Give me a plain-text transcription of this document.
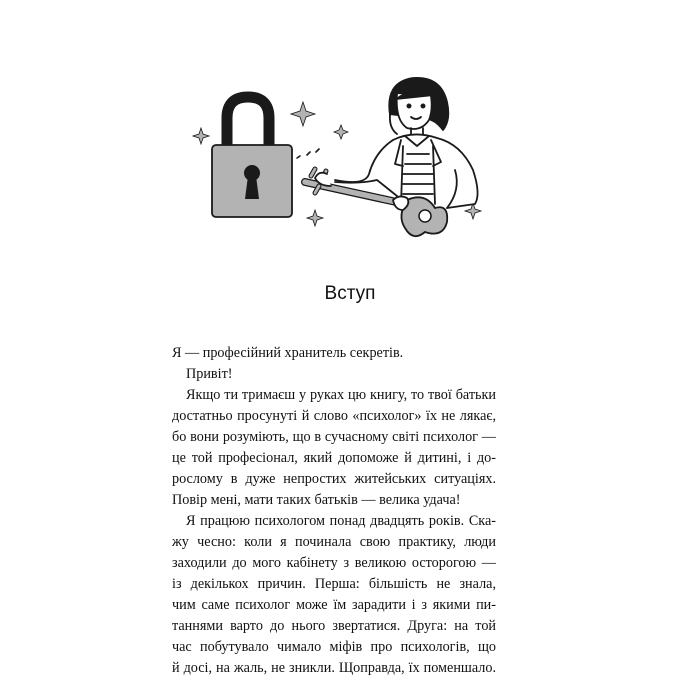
Вступ
Я — професійний хранитель секретів.
Привіт!
Якщо ти тримаєш у руках цю книгу, то твої батьки
достатньо просунуті й слово «психолог» їх не лякає,
бо вони розуміють, що в сучасному світі психолог —
це той професіонал, який допоможе й дитині, і до-
рослому в дуже непростих житейських ситуаціях.
Повір мені, мати таких батьків — велика удача!
Я працюю психологом понад двадцять років. Ска-
жу чесно: коли я починала свою практику, люди
заходили до мого кабінету з великою осторогою —
із декількох причин. Перша: більшість не знала,
чим саме психолог може їм зарадити і з якими пи-
таннями варто до нього звертатися. Друга: на той
час побутувало чимало міфів про психологів, що
й досі, на жаль, не зникли. Щоправда, їх поменшало.
